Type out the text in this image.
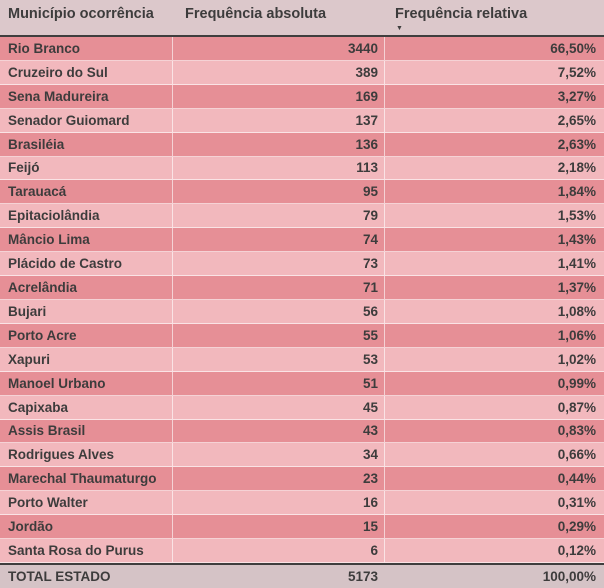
Município ocorrência	Frequência absoluta	Frequência relativa
▼
Rio Branco	3440	66,50%
Cruzeiro do Sul	389	7,52%
Sena Madureira	169	3,27%
Senador Guiomard	137	2,65%
Brasiléia	136	2,63%
Feijó	113	2,18%
Tarauacá	95	1,84%
Epitaciolândia	79	1,53%
Mâncio Lima	74	1,43%
Plácido de Castro	73	1,41%
Acrelândia	71	1,37%
Bujari	56	1,08%
Porto Acre	55	1,06%
Xapuri	53	1,02%
Manoel Urbano	51	0,99%
Capixaba	45	0,87%
Assis Brasil	43	0,83%
Rodrigues Alves	34	0,66%
Marechal Thaumaturgo	23	0,44%
Porto Walter	16	0,31%
Jordão	15	0,29%
Santa Rosa do Purus	6	0,12%
TOTAL ESTADO	5173	100,00%
